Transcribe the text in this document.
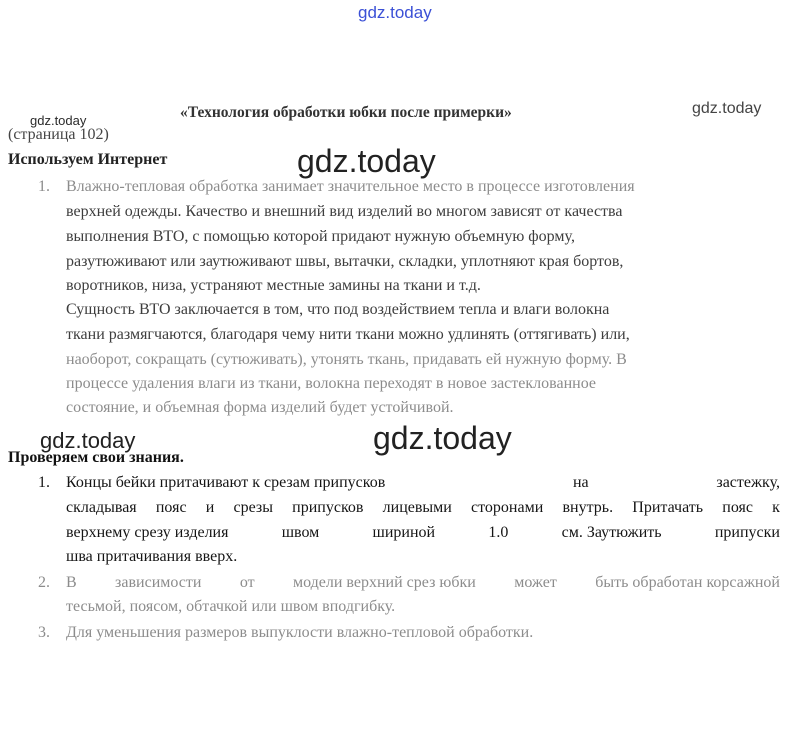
gdz.today
gdz.today
gdz.today
gdz.today
gdz.today	gdz.today
«Технология обработки юбки после примерки»
(страница 102)
Используем Интернет
1. Влажно-тепловая обработка занимает значительное место в процессе изготовления
верхней одежды. Качество и внешний вид изделий во многом зависят от качества
выполнения ВТО, с помощью которой придают нужную объемную форму,
разутюживают или заутюживают швы, вытачки, складки, уплотняют края бортов,
воротников, низа, устраняют местные замины на ткани и т.д.
Сущность ВТО заключается в том, что под воздействием тепла и влаги волокна
ткани размягчаются, благодаря чему нити ткани можно удлинять (оттягивать) или,
наоборот, сокращать (сутюживать), утонять ткань, придавать ей нужную форму. В
процессе удаления влаги из ткани, волокна переходят в новое застеклованное
состояние, и объемная форма изделий будет устойчивой.
Проверяем свои знания.
1. Концы бейки притачивают к срезам припусков	на	застежку,
складывая пояс и срезы припусков лицевыми сторонами внутрь. Притачать пояс к
верхнему срезу изделия	швом	шириной	1.0	см. Заутюжить	припуски
шва притачивания вверх.
2. В зависимости от модели верхний срез юбки может быть обработан корсажной
тесьмой, поясом, обтачкой или швом вподгибку.
3. Для уменьшения размеров выпуклости влажно-тепловой обработки.
